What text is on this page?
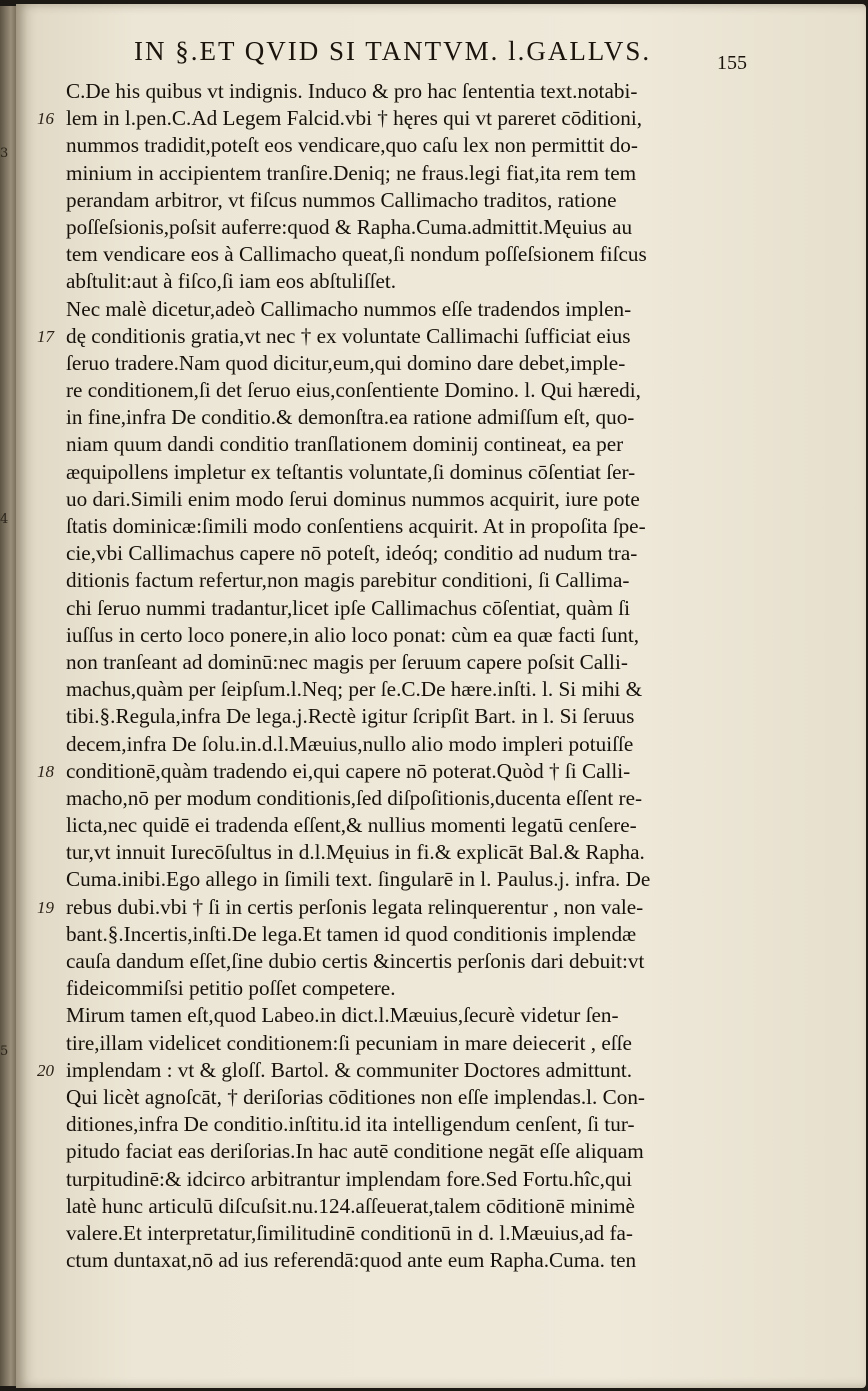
3
4
5
IN §.ET QVID SI TANTVM. l.GALLVS.	155
16
17
18
19
20
C.De his quibus vt indignis. Induco & pro hac ſententia text.notabi-
lem in l.pen.C.Ad Legem Falcid.vbi † hęres qui vt pareret cōditioni,
nummos tradidit,poteſt eos vendicare,quo caſu lex non permittit do-
minium in accipientem tranſire.Deniq; ne fraus.legi fiat,ita rem tem
perandam arbitror, vt fiſcus nummos Callimacho traditos, ratione
poſſeſsionis,poſsit auferre:quod & Rapha.Cuma.admittit.Męuius au
tem vendicare eos à Callimacho queat,ſi nondum poſſeſsionem fiſcus
abſtulit:aut à fiſco,ſi iam eos abſtuliſſet.
Nec malè dicetur,adeò Callimacho nummos eſſe tradendos implen-
dę conditionis gratia,vt nec † ex voluntate Callimachi ſufficiat eius
ſeruo tradere.Nam quod dicitur,eum,qui domino dare debet,imple-
re conditionem,ſi det ſeruo eius,conſentiente Domino. l. Qui hæredi,
in fine,infra De conditio.& demonſtra.ea ratione admiſſum eſt, quo-
niam quum dandi conditio tranſlationem dominij contineat, ea per
æquipollens impletur ex teſtantis voluntate,ſi dominus cōſentiat ſer-
uo dari.Simili enim modo ſerui dominus nummos acquirit, iure pote
ſtatis dominicæ:ſimili modo conſentiens acquirit. At in propoſita ſpe-
cie,vbi Callimachus capere nō poteſt, ideóq; conditio ad nudum tra-
ditionis factum refertur,non magis parebitur conditioni, ſi Callima-
chi ſeruo nummi tradantur,licet ipſe Callimachus cōſentiat, quàm ſi
iuſſus in certo loco ponere,in alio loco ponat: cùm ea quæ facti ſunt,
non tranſeant ad dominū:nec magis per ſeruum capere poſsit Calli-
machus,quàm per ſeipſum.l.Neq; per ſe.C.De hære.inſti. l. Si mihi &
tibi.§.Regula,infra De lega.j.Rectè igitur ſcripſit Bart. in l. Si ſeruus
decem,infra De ſolu.in.d.l.Mæuius,nullo alio modo impleri potuiſſe
conditionē,quàm tradendo ei,qui capere nō poterat.Quòd † ſi Calli-
macho,nō per modum conditionis,ſed diſpoſitionis,ducenta eſſent re-
licta,nec quidē ei tradenda eſſent,& nullius momenti legatū cenſere-
tur,vt innuit Iurecōſultus in d.l.Męuius in fi.& explicāt Bal.& Rapha.
Cuma.inibi.Ego allego in ſimili text. ſingularē in l. Paulus.j. infra. De
rebus dubi.vbi † ſi in certis perſonis legata relinquerentur , non vale-
bant.§.Incertis,inſti.De lega.Et tamen id quod conditionis implendæ
cauſa dandum eſſet,ſine dubio certis &incertis perſonis dari debuit:vt
fideicommiſsi petitio poſſet competere.
Mirum tamen eſt,quod Labeo.in dict.l.Mæuius,ſecurè videtur ſen-
tire,illam videlicet conditionem:ſi pecuniam in mare deiecerit , eſſe
implendam : vt & gloſſ. Bartol. & communiter Doctores admittunt.
Qui licèt agnoſcāt, † deriſorias cōditiones non eſſe implendas.l. Con-
ditiones,infra De conditio.inſtitu.id ita intelligendum cenſent, ſi tur-
pitudo faciat eas deriſorias.In hac autē conditione negāt eſſe aliquam
turpitudinē:& idcirco arbitrantur implendam fore.Sed Fortu.hîc,qui
latè hunc articulū diſcuſsit.nu.124.aſſeuerat,talem cōditionē minimè
valere.Et interpretatur,ſimilitudinē conditionū in d. l.Mæuius,ad fa-
ctum duntaxat,nō ad ius referendā:quod ante eum Rapha.Cuma. ten
